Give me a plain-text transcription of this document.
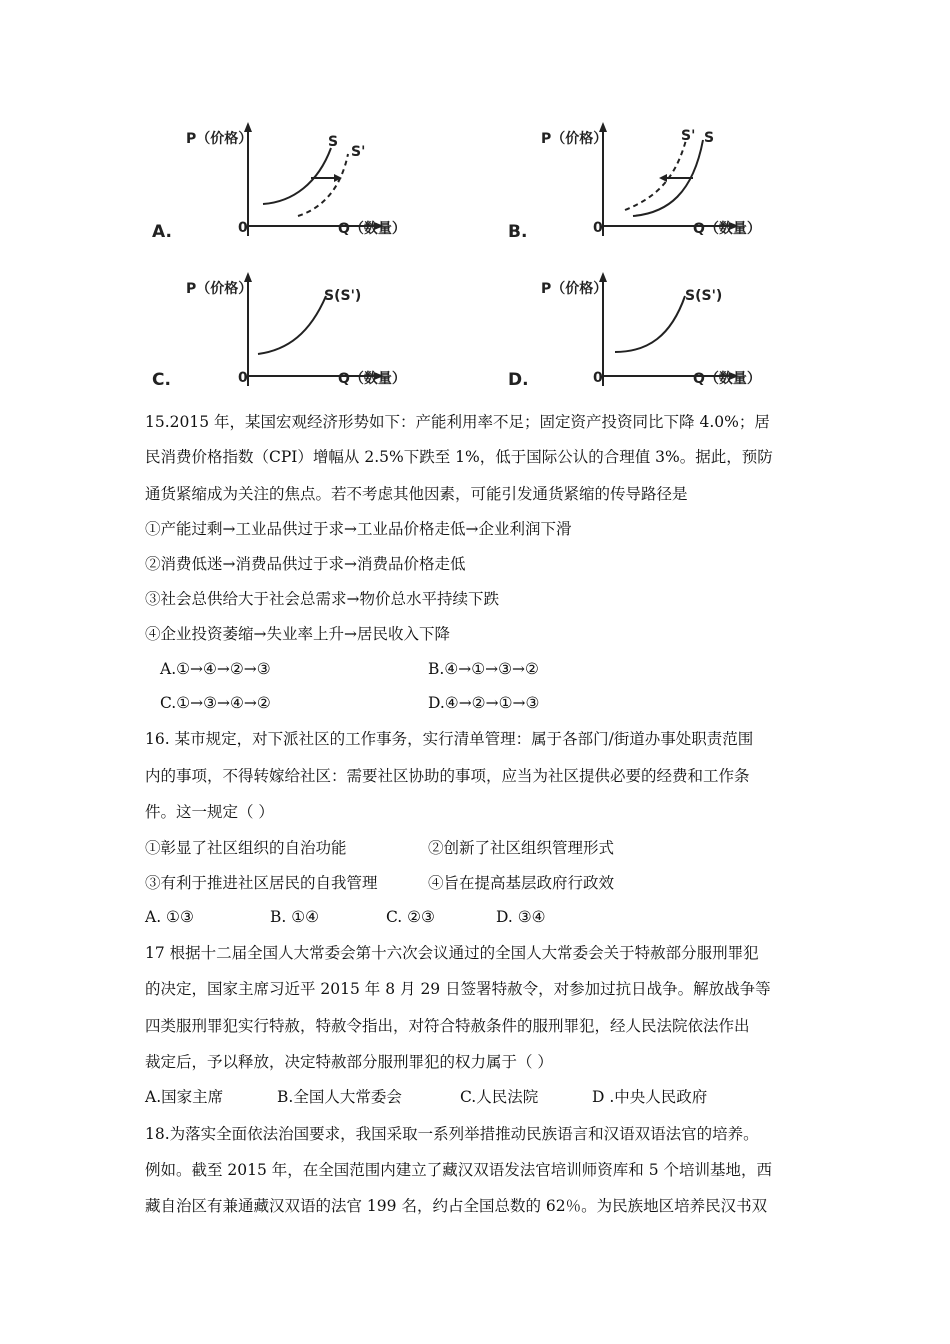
P（价格）
0	Q（数量）
S
S'
A.
P（价格）
0	Q（数量）
S' S
B.
P（价格）
0	Q（数量）
S(S')
C.
P（价格）
0	Q（数量）
S(S')
D.
15.2015 年，某国宏观经济形势如下：产能利用率不足；固定资产投资同比下降 4.0%；居
民消费价格指数（CPI）增幅从 2.5%下跌至 1%，低于国际公认的合理值 3%。据此，预防
通货紧缩成为关注的焦点。若不考虑其他因素，可能引发通货紧缩的传导路径是
①产能过剩→工业品供过于求→工业品价格走低→企业利润下滑
②消费低迷→消费品供过于求→消费品价格走低
③社会总供给大于社会总需求→物价总水平持续下跌
④企业投资萎缩→失业率上升→居民收入下降
A.①→④→②→③	B.④→①→③→②
C.①→③→④→②	D.④→②→①→③
16. 某市规定，对下派社区的工作事务，实行清单管理：属于各部门/街道办事处职责范围
内的事项，不得转嫁给社区：需要社区协助的事项，应当为社区提供必要的经费和工作条
件。这一规定（ ）
①彰显了社区组织的自治功能	②创新了社区组织管理形式
③有利于推进社区居民的自我管理	④旨在提高基层政府行政效
A. ①③	B. ①④	C. ②③	D. ③④
17 根据十二届全国人大常委会第十六次会议通过的全国人大常委会关于特赦部分服刑罪犯
的决定，国家主席习近平 2015 年 8 月 29 日签署特赦令，对参加过抗日战争。解放战争等
四类服刑罪犯实行特赦，特赦令指出，对符合特赦条件的服刑罪犯，经人民法院依法作出
裁定后，予以释放，决定特赦部分服刑罪犯的权力属于（ ）
A.国家主席	B.全国人大常委会	C.人民法院	D .中央人民政府
18.为落实全面依法治国要求，我国采取一系列举措推动民族语言和汉语双语法官的培养。
例如。截至 2015 年，在全国范围内建立了藏汉双语发法官培训师资库和 5 个培训基地，西
藏自治区有兼通藏汉双语的法官 199 名，约占全国总数的 62％。为民族地区培养民汉书双
